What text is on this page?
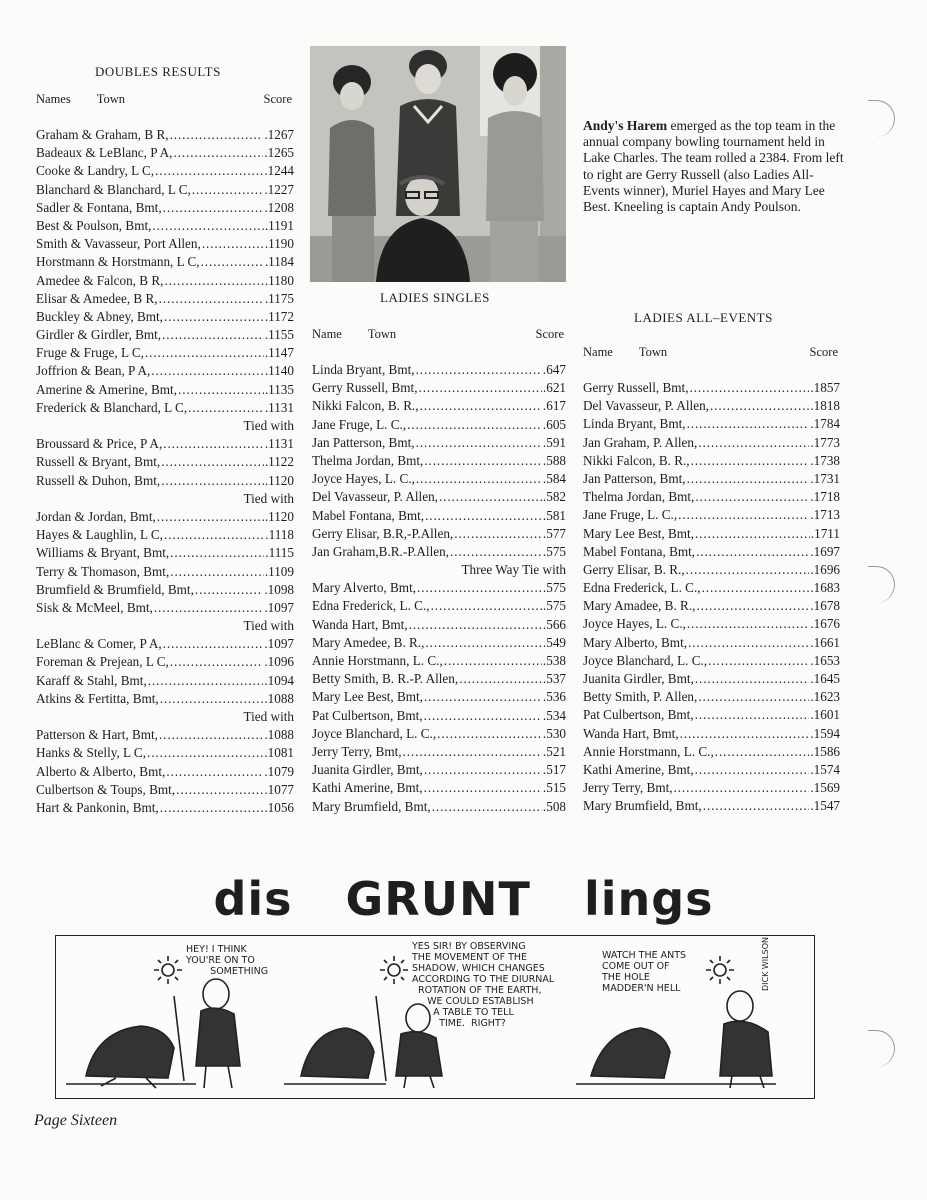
DOUBLES RESULTS
Names Town	Score
Graham & Graham, B R, . . .	.1267
Badeaux & LeBlanc, P A, . . .	.1265
Cooke & Landry, L C, . . .	.1244
Blanchard & Blanchard, L C, . . .	.1227
Sadler & Fontana, Bmt, . . .	.1208
Best & Poulson, Bmt, . . .	.1191
Smith & Vavasseur, Port Allen, . . .	.1190
Horstmann & Horstmann, L C, . . .	.1184
Amedee & Falcon, B R, . . .	.1180
Elisar & Amedee, B R, . . .	.1175
Buckley & Abney, Bmt, . . .	.1172
Girdler & Girdler, Bmt, . . .	.1155
Fruge & Fruge, L C, . . .	.1147
Joffrion & Bean, P A, . . .	.1140
Amerine & Amerine, Bmt, . . .	.1135
Frederick & Blanchard, L C, . . .	.1131
Tied with
Broussard & Price, P A, . . .	.1131
Russell & Bryant, Bmt, . . .	.1122
Russell & Duhon, Bmt, . . .	.1120
Tied with
Jordan & Jordan, Bmt, . . .	.1120
Hayes & Laughlin, L C, . . .	.1118
Williams & Bryant, Bmt, . . .	.1115
Terry & Thomason, Bmt, . . .	.1109
Brumfield & Brumfield, Bmt, . . .	.1098
Sisk & McMeel, Bmt, . . .	.1097
Tied with
LeBlanc & Comer, P A, . . .	.1097
Foreman & Prejean, L C, . . .	.1096
Karaff & Stahl, Bmt, . . .	.1094
Atkins & Fertitta, Bmt, . . .	.1088
Tied with
Patterson & Hart, Bmt, . . .	.1088
Hanks & Stelly, L C, . . .	.1081
Alberto & Alberto, Bmt, . . .	.1079
Culbertson & Toups, Bmt, . . .	.1077
Hart & Pankonin, Bmt, . . .	.1056
Andy's Harem emerged as the top team in the annual company bowling tournament held in Lake Charles. The team rolled a 2384. From left to right are Gerry Russell (also Ladies All-Events winner), Muriel Hayes and Mary Lee Best. Kneeling is captain Andy Poulson.
LADIES SINGLES
Name Town	Score
Linda Bryant, Bmt, . . .	.647
Gerry Russell, Bmt, . . .	.621
Nikki Falcon, B. R., . . .	.617
Jane Fruge, L. C., . . .	.605
Jan Patterson, Bmt, . . .	.591
Thelma Jordan, Bmt, . . .	.588
Joyce Hayes, L. C., . . .	.584
Del Vavasseur, P. Allen, . . .	.582
Mabel Fontana, Bmt, . . .	.581
Gerry Elisar, B.R,-P.Allen, . . .	.577
Jan Graham,B.R.-P.Allen, . . .	.575
Three Way Tie with
Mary Alverto, Bmt, . . .	.575
Edna Frederick, L. C., . . .	.575
Wanda Hart, Bmt, . . .	.566
Mary Amedee, B. R., . . .	.549
Annie Horstmann, L. C., . . .	.538
Betty Smith, B. R.-P. Allen, . . .	.537
Mary Lee Best, Bmt, . . .	.536
Pat Culbertson, Bmt, . . .	.534
Joyce Blanchard, L. C., . . .	.530
Jerry Terry, Bmt, . . .	.521
Juanita Girdler, Bmt, . . .	.517
Kathi Amerine, Bmt, . . .	.515
Mary Brumfield, Bmt, . . .	.508
LADIES ALL–EVENTS
Name Town	Score
Gerry Russell, Bmt, . . .	.1857
Del Vavasseur, P. Allen, . . .	.1818
Linda Bryant, Bmt, . . .	.1784
Jan Graham, P. Allen, . . .	.1773
Nikki Falcon, B. R., . . .	.1738
Jan Patterson, Bmt, . . .	.1731
Thelma Jordan, Bmt, . . .	.1718
Jane Fruge, L. C., . . .	.1713
Mary Lee Best, Bmt, . . .	.1711
Mabel Fontana, Bmt, . . .	.1697
Gerry Elisar, B. R., . . .	.1696
Edna Frederick, L. C., . . .	.1683
Mary Amadee, B. R., . . .	.1678
Joyce Hayes, L. C., . . .	.1676
Mary Alberto, Bmt, . . .	.1661
Joyce Blanchard, L. C., . . .	.1653
Juanita Girdler, Bmt, . . .	.1645
Betty Smith, P. Allen, . . .	.1623
Pat Culbertson, Bmt, . . .	.1601
Wanda Hart, Bmt, . . .	.1594
Annie Horstmann, L. C., . . .	.1586
Kathi Amerine, Bmt, . . .	.1574
Jerry Terry, Bmt, . . .	.1569
Mary Brumfield, Bmt, . . .	.1547
dis GRUNT lings
HEY! I THINK
YOU'RE ON TO
SOMETHING
YES SIR! BY OBSERVING
THE MOVEMENT OF THE
SHADOW, WHICH CHANGES
ACCORDING TO THE DIURNAL
ROTATION OF THE EARTH,
WE COULD ESTABLISH
A TABLE TO TELL
TIME.  RIGHT?
WATCH THE ANTS
COME OUT OF
THE HOLE
MADDER'N HELL	DICK WILSON
Page Sixteen
